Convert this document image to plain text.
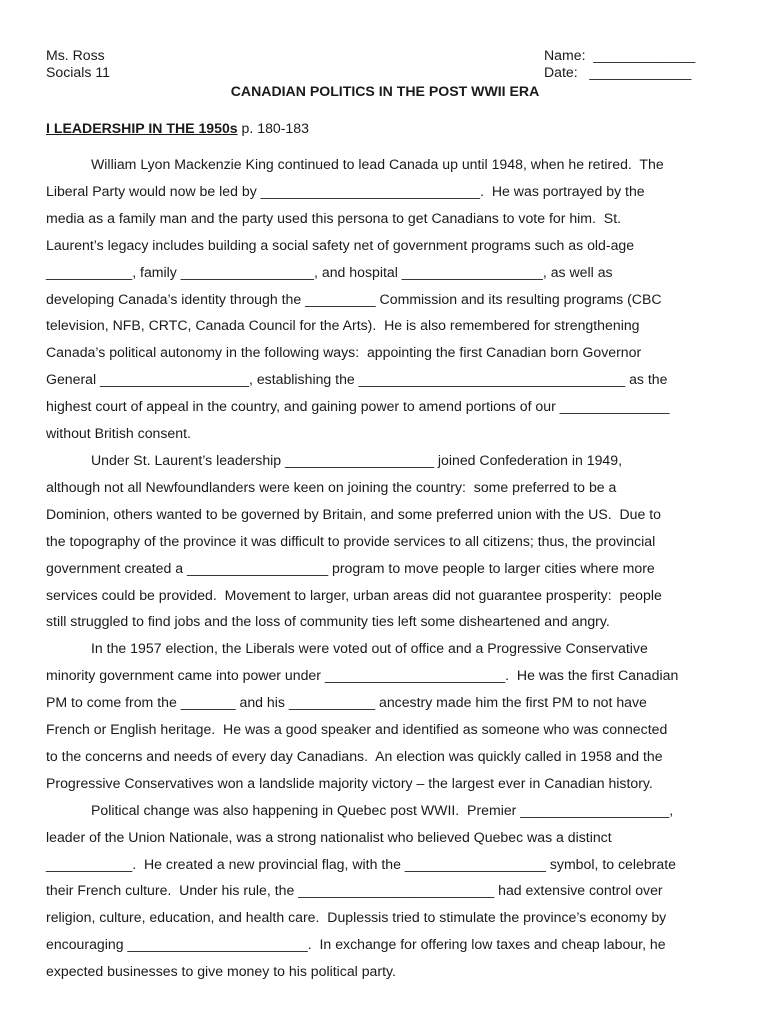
Ms. Ross
Socials 11
Name:  _____________
Date:   _____________
CANADIAN POLITICS IN THE POST WWII ERA
I LEADERSHIP IN THE 1950s p. 180-183
William Lyon Mackenzie King continued to lead Canada up until 1948, when he retired.  The
Liberal Party would now be led by ____________________________.  He was portrayed by the
media as a family man and the party used this persona to get Canadians to vote for him.  St.
Laurent’s legacy includes building a social safety net of government programs such as old-age
___________, family _________________, and hospital __________________, as well as
developing Canada’s identity through the _________ Commission and its resulting programs (CBC
television, NFB, CRTC, Canada Council for the Arts).  He is also remembered for strengthening
Canada’s political autonomy in the following ways:  appointing the first Canadian born Governor
General ___________________, establishing the __________________________________ as the
highest court of appeal in the country, and gaining power to amend portions of our ______________
without British consent.
Under St. Laurent’s leadership ___________________ joined Confederation in 1949,
although not all Newfoundlanders were keen on joining the country:  some preferred to be a
Dominion, others wanted to be governed by Britain, and some preferred union with the US.  Due to
the topography of the province it was difficult to provide services to all citizens; thus, the provincial
government created a __________________ program to move people to larger cities where more
services could be provided.  Movement to larger, urban areas did not guarantee prosperity:  people
still struggled to find jobs and the loss of community ties left some disheartened and angry.
In the 1957 election, the Liberals were voted out of office and a Progressive Conservative
minority government came into power under _______________________.  He was the first Canadian
PM to come from the _______ and his ___________ ancestry made him the first PM to not have
French or English heritage.  He was a good speaker and identified as someone who was connected
to the concerns and needs of every day Canadians.  An election was quickly called in 1958 and the
Progressive Conservatives won a landslide majority victory – the largest ever in Canadian history.
Political change was also happening in Quebec post WWII.  Premier ___________________,
leader of the Union Nationale, was a strong nationalist who believed Quebec was a distinct
___________.  He created a new provincial flag, with the __________________ symbol, to celebrate
their French culture.  Under his rule, the _________________________ had extensive control over
religion, culture, education, and health care.  Duplessis tried to stimulate the province’s economy by
encouraging _______________________.  In exchange for offering low taxes and cheap labour, he
expected businesses to give money to his political party.
